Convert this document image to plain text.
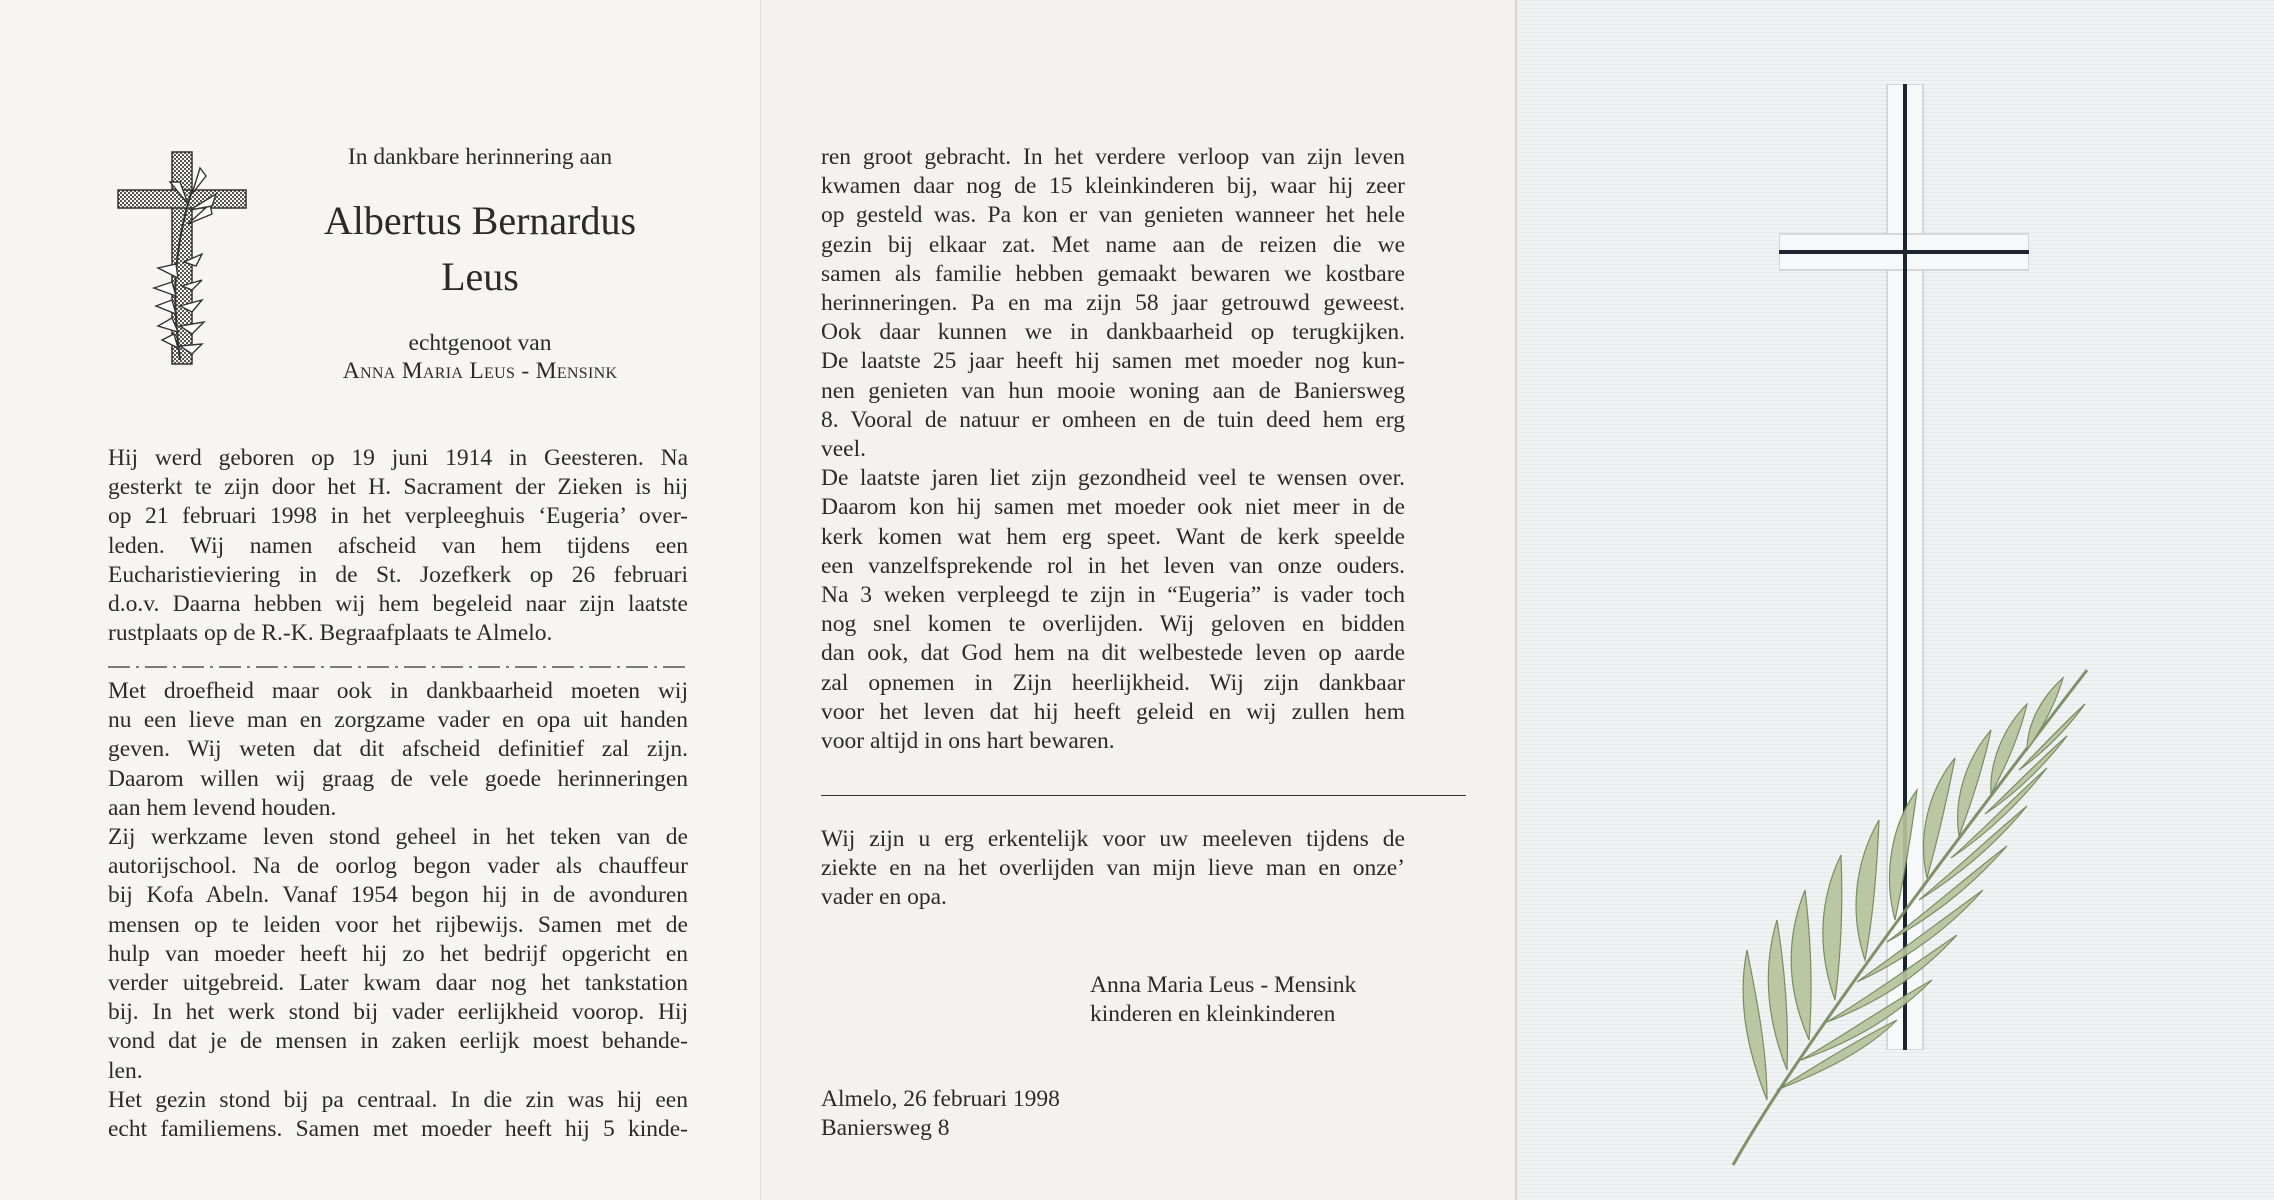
In dankbare herinnering aan

Albertus Bernardus

Leus

echtgenoot van

Anna Maria Leus - Mensink

Hij werd geboren op 19 juni 1914 in Geesteren. Na
gesterkt te zijn door het H. Sacrament der Zieken is hij
op 21 februari 1998 in het verpleeghuis ‘Eugeria’ over-
leden. Wij namen afscheid van hem tijdens een
Eucharistieviering in de St. Jozefkerk op 26 februari
d.o.v. Daarna hebben wij hem begeleid naar zijn laatste
rustplaats op de R.-K. Begraafplaats te Almelo.
Met droefheid maar ook in dankbaarheid moeten wij
nu een lieve man en zorgzame vader en opa uit handen
geven. Wij weten dat dit afscheid definitief zal zijn.
Daarom willen wij graag de vele goede herinneringen
aan hem levend houden.
Zij werkzame leven stond geheel in het teken van de
autorijschool. Na de oorlog begon vader als chauffeur
bij Kofa Abeln. Vanaf 1954 begon hij in de avonduren
mensen op te leiden voor het rijbewijs. Samen met de
hulp van moeder heeft hij zo het bedrijf opgericht en
verder uitgebreid. Later kwam daar nog het tankstation
bij. In het werk stond bij vader eerlijkheid voorop. Hij
vond dat je de mensen in zaken eerlijk moest behande-
len.
Het gezin stond bij pa centraal. In die zin was hij een
echt familiemens. Samen met moeder heeft hij 5 kinde-
ren groot gebracht. In het verdere verloop van zijn leven
kwamen daar nog de 15 kleinkinderen bij, waar hij zeer
op gesteld was. Pa kon er van genieten wanneer het hele
gezin bij elkaar zat. Met name aan de reizen die we
samen als familie hebben gemaakt bewaren we kostbare
herinneringen. Pa en ma zijn 58 jaar getrouwd geweest.
Ook daar kunnen we in dankbaarheid op terugkijken.
De laatste 25 jaar heeft hij samen met moeder nog kun-
nen genieten van hun mooie woning aan de Baniersweg
8. Vooral de natuur er omheen en de tuin deed hem erg
veel.
De laatste jaren liet zijn gezondheid veel te wensen over.
Daarom kon hij samen met moeder ook niet meer in de
kerk komen wat hem erg speet. Want de kerk speelde
een vanzelfsprekende rol in het leven van onze ouders.
Na 3 weken verpleegd te zijn in “Eugeria” is vader toch
nog snel komen te overlijden. Wij geloven en bidden
dan ook, dat God hem na dit welbestede leven op aarde
zal opnemen in Zijn heerlijkheid. Wij zijn dankbaar
voor het leven dat hij heeft geleid en wij zullen hem
voor altijd in ons hart bewaren.
Wij zijn u erg erkentelijk voor uw meeleven tijdens de
ziekte en na het overlijden van mijn lieve man en onze’
vader en opa.
Anna Maria Leus - Mensink
kinderen en kleinkinderen
Almelo, 26 februari 1998
Baniersweg 8
